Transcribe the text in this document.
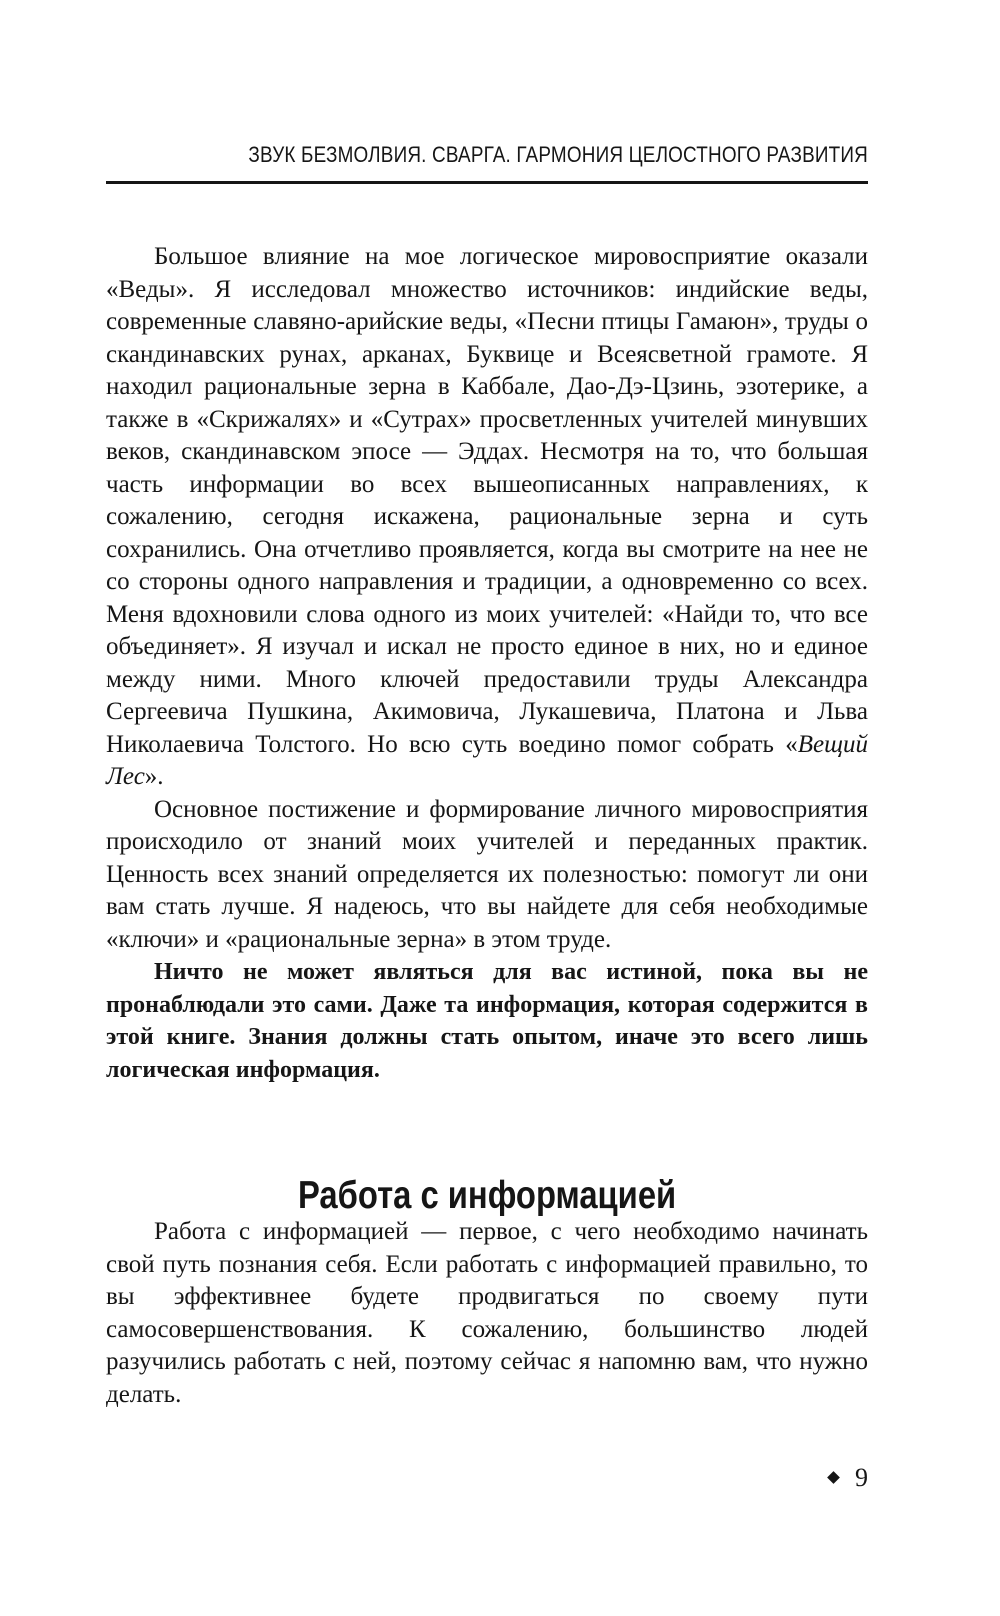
ЗВУК БЕЗМОЛВИЯ. СВАРГА. ГАРМОНИЯ ЦЕЛОСТНОГО РАЗВИТИЯ

Большое влияние на мое логическое мировосприятие оказали «Веды». Я исследовал множество источников: индийские веды, современные славяно-арийские веды, «Песни птицы Гамаюн», труды о скандинавских рунах, арканах, Буквице и Всеясветной грамоте. Я находил рациональные зерна в Каббале, Дао-Дэ-Цзинь, эзотерике, а также в «Скрижалях» и «Сутрах» просветленных учителей минувших веков, скандинавском эпосе — Эддах. Несмотря на то, что большая часть информации во всех вышеописанных направлениях, к сожалению, сегодня искажена, рациональные зерна и суть сохранились. Она отчетливо проявляется, когда вы смотрите на нее не со стороны одного направления и традиции, а одновременно со всех. Меня вдохновили слова одного из моих учителей: «Найди то, что все объединяет». Я изучал и искал не просто единое в них, но и единое между ними. Много ключей предоставили труды Александра Сергеевича Пушкина, Акимовича, Лукашевича, Платона и Льва Николаевича Толстого. Но всю суть воедино помог собрать «Вещий Лес».

Основное постижение и формирование личного мировосприятия происходило от знаний моих учителей и переданных практик. Ценность всех знаний определяется их полезностью: помогут ли они вам стать лучше. Я надеюсь, что вы найдете для себя необходимые «ключи» и «рациональные зерна» в этом труде.

Ничто не может являться для вас истиной, пока вы не пронаблюдали это сами. Даже та информация, которая содержится в этой книге. Знания должны стать опытом, иначе это всего лишь логическая информация.

Работа с информацией

Работа с информацией — первое, с чего необходимо начинать свой путь познания себя. Если работать с информацией правильно, то вы эффективнее будете продвигаться по своему пути самосовершенствования. К сожалению, большинство людей разучились работать с ней, поэтому сейчас я напомню вам, что нужно делать.

9
